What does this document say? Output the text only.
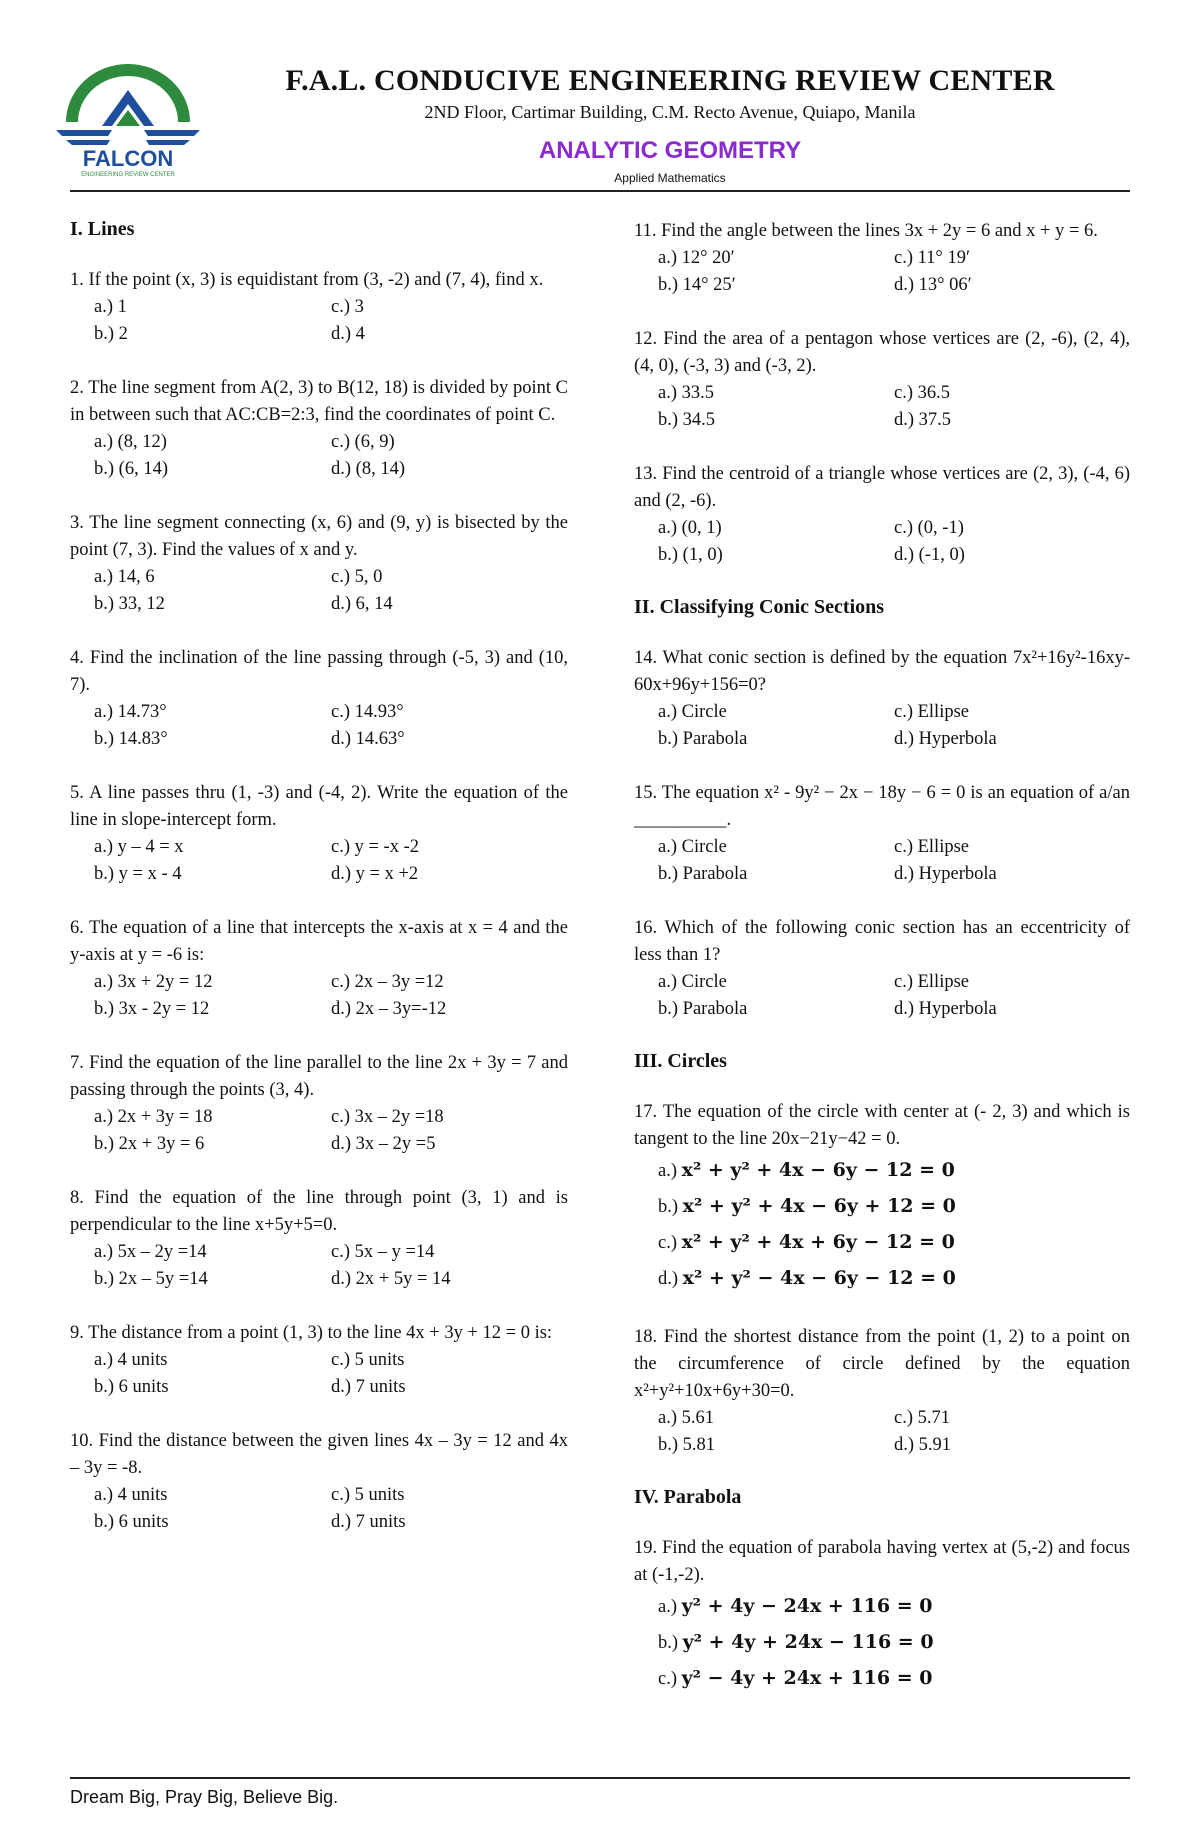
FALCON
ENGINEERING REVIEW CENTER
F.A.L. CONDUCIVE ENGINEERING REVIEW CENTER
2ND Floor, Cartimar Building, C.M. Recto Avenue, Quiapo, Manila
ANALYTIC GEOMETRY
Applied Mathematics
I. Lines
1. If the point (x, 3) is equidistant from (3, -2) and (7, 4), find x.
a.) 1	c.) 3
b.) 2	d.) 4
2. The line segment from A(2, 3) to B(12, 18) is divided by point C in between such that AC:CB=2:3, find the coordinates of point C.
a.) (8, 12)	c.) (6, 9)
b.) (6, 14)	d.) (8, 14)
3. The line segment connecting (x, 6) and (9, y) is bisected by the point (7, 3). Find the values of x and y.
a.) 14, 6	c.) 5, 0
b.) 33, 12	d.) 6, 14
4. Find the inclination of the line passing through (-5, 3) and (10, 7).
a.) 14.73°	c.) 14.93°
b.) 14.83°	d.) 14.63°
5. A line passes thru (1, -3) and (-4, 2). Write the equation of the line in slope-intercept form.
a.) y – 4 = x	c.) y = -x -2
b.) y = x - 4	d.) y = x +2
6. The equation of a line that intercepts the x-axis at x = 4 and the y-axis at y = -6 is:
a.) 3x + 2y = 12	c.) 2x – 3y =12
b.) 3x - 2y = 12	d.) 2x – 3y=-12
7. Find the equation of the line parallel to the line 2x + 3y = 7 and passing through the points (3, 4).
a.) 2x + 3y = 18	c.) 3x – 2y =18
b.) 2x + 3y = 6	d.) 3x – 2y =5
8. Find the equation of the line through point (3, 1) and is perpendicular to the line x+5y+5=0.
a.) 5x – 2y =14	c.) 5x – y =14
b.) 2x – 5y =14	d.) 2x + 5y = 14
9. The distance from a point (1, 3) to the line 4x + 3y + 12 = 0 is:
a.) 4 units	c.) 5 units
b.) 6 units	d.) 7 units
10. Find the distance between the given lines 4x – 3y = 12 and 4x – 3y = -8.
a.) 4 units	c.) 5 units
b.) 6 units	d.) 7 units
11. Find the angle between the lines 3x + 2y = 6 and x + y = 6.
a.) 12° 20′	c.) 11° 19′
b.) 14° 25′	d.) 13° 06′
12. Find the area of a pentagon whose vertices are (2, -6), (2, 4), (4, 0), (-3, 3) and (-3, 2).
a.) 33.5	c.) 36.5
b.) 34.5	d.) 37.5
13. Find the centroid of a triangle whose vertices are (2, 3), (-4, 6) and (2, -6).
a.) (0, 1)	c.) (0, -1)
b.) (1, 0)	d.) (-1, 0)
II. Classifying Conic Sections
14. What conic section is defined by the equation 7x²+16y²-16xy-60x+96y+156=0?
a.) Circle	c.) Ellipse
b.) Parabola	d.) Hyperbola
15. The equation x² - 9y² − 2x − 18y − 6 = 0 is an equation of a/an __________.
a.) Circle	c.) Ellipse
b.) Parabola	d.) Hyperbola
16. Which of the following conic section has an eccentricity of less than 1?
a.) Circle	c.) Ellipse
b.) Parabola	d.) Hyperbola
III. Circles
17. The equation of the circle with center at (- 2, 3) and which is tangent to the line 20x−21y−42 = 0.
a.) x² + y² + 4x − 6y − 12 = 0
b.) x² + y² + 4x − 6y + 12 = 0
c.) x² + y² + 4x + 6y − 12 = 0
d.) x² + y² − 4x − 6y − 12 = 0
18. Find the shortest distance from the point (1, 2) to a point on the circumference of circle defined by the equation x²+y²+10x+6y+30=0.
a.) 5.61	c.) 5.71
b.) 5.81	d.) 5.91
IV. Parabola
19. Find the equation of parabola having vertex at (5,-2) and focus at (-1,-2).
a.) y² + 4y − 24x + 116 = 0
b.) y² + 4y + 24x − 116 = 0
c.) y² − 4y + 24x + 116 = 0
Dream Big, Pray Big, Believe Big.
